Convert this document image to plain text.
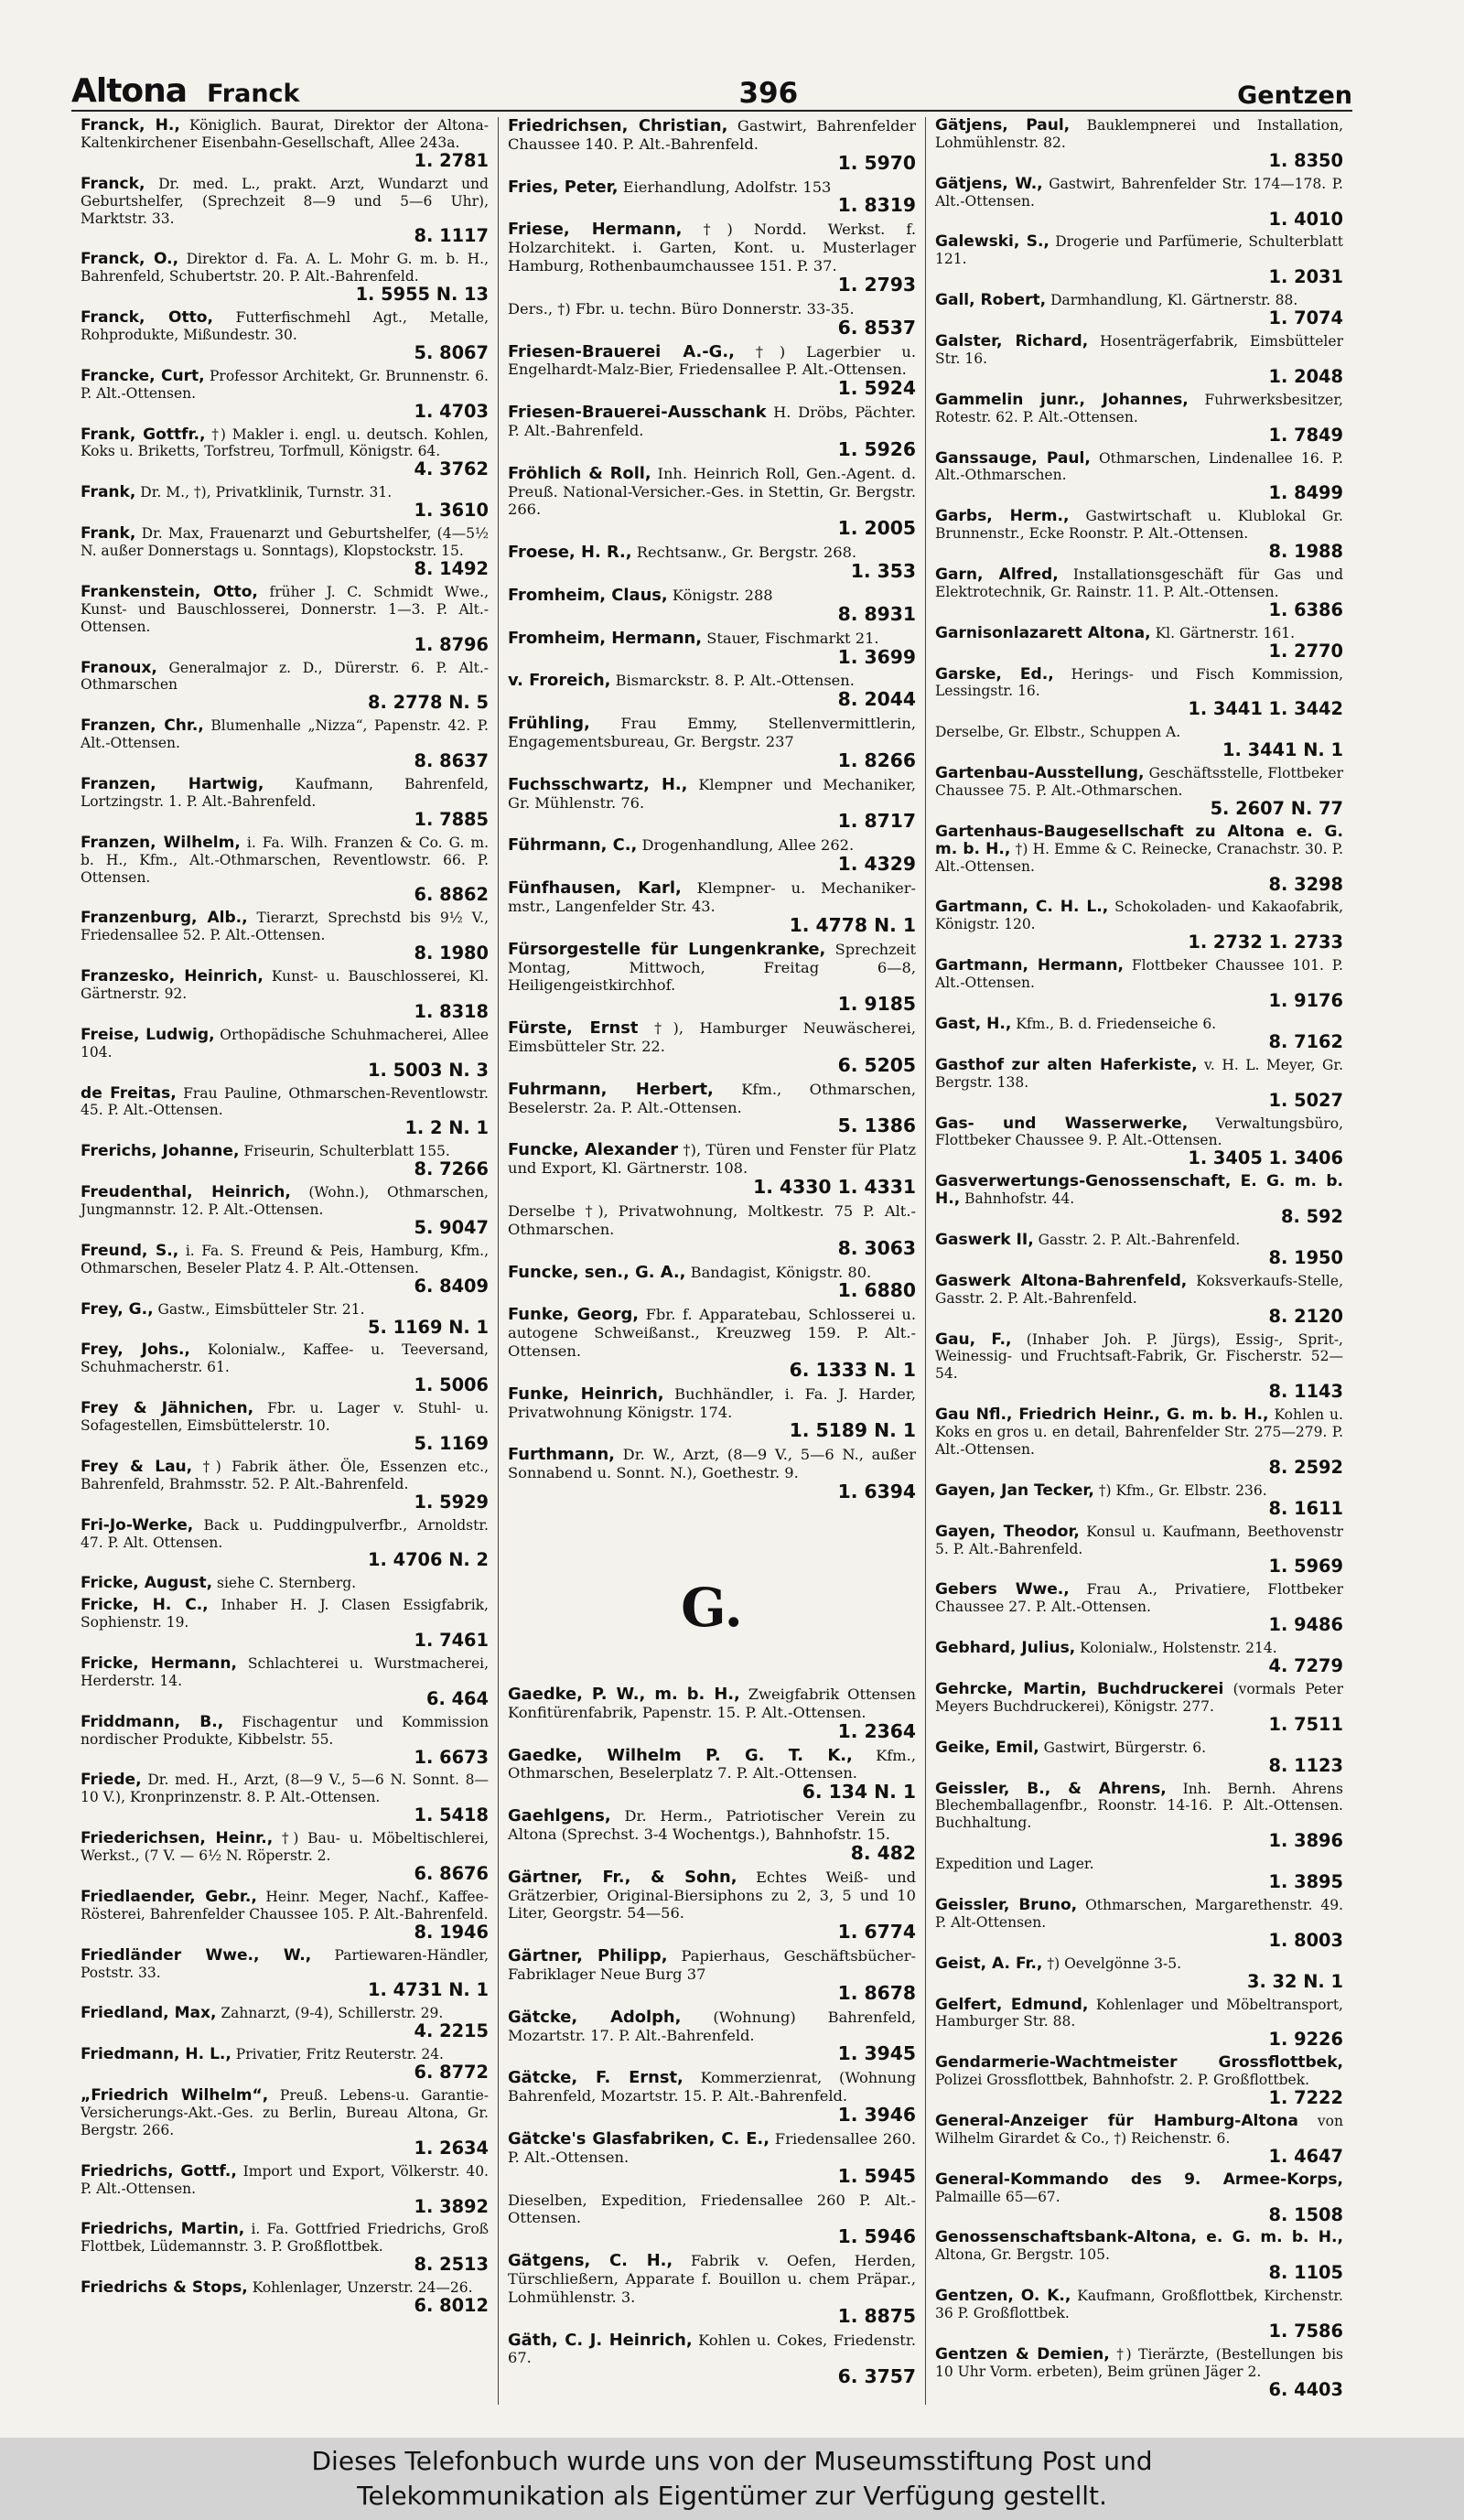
Altona Franck	396	Gentzen
Franck, H., Königlich. Baurat, Direktor der Altona-Kaltenkirchener Eisenbahn-Gesellschaft, Allee 243a.
1. 2781
Franck, Dr. med. L., prakt. Arzt, Wundarzt und Geburtshelfer, (Sprechzeit 8—9 und 5—6 Uhr), Marktstr. 33.
8. 1117
Franck, O., Direktor d. Fa. A. L. Mohr G. m. b. H., Bahrenfeld, Schubertstr. 20. P. Alt.-Bahrenfeld.
1. 5955 N. 13
Franck, Otto, Futterfischmehl Agt., Metalle, Rohprodukte, Mißundestr. 30.
5. 8067
Francke, Curt, Professor Architekt, Gr. Brunnenstr. 6. P. Alt.-Ottensen.
1. 4703
Frank, Gottfr., †) Makler i. engl. u. deutsch. Kohlen, Koks u. Briketts, Torfstreu, Torfmull, Königstr. 64.
4. 3762
Frank, Dr. M., †), Privatklinik, Turnstr. 31.
1. 3610
Frank, Dr. Max, Frauenarzt und Geburtshelfer, (4—5½ N. außer Donnerstags u. Sonntags), Klopstockstr. 15.
8. 1492
Frankenstein, Otto, früher J. C. Schmidt Wwe., Kunst- und Bauschlosserei, Donnerstr. 1—3. P. Alt.-Ottensen.
1. 8796
Franoux, Generalmajor z. D., Dürerstr. 6. P. Alt.-Othmarschen
8. 2778 N. 5
Franzen, Chr., Blumenhalle „Nizza“, Papenstr. 42. P. Alt.-Ottensen.
8. 8637
Franzen, Hartwig, Kaufmann, Bahrenfeld, Lortzingstr. 1. P. Alt.-Bahrenfeld.
1. 7885
Franzen, Wilhelm, i. Fa. Wilh. Franzen & Co. G. m. b. H., Kfm., Alt.-Othmarschen, Reventlowstr. 66. P. Ottensen.
6. 8862
Franzenburg, Alb., Tierarzt, Sprechstd bis 9½ V., Friedensallee 52. P. Alt.-Ottensen.
8. 1980
Franzesko, Heinrich, Kunst- u. Bauschlosserei, Kl. Gärtnerstr. 92.
1. 8318
Freise, Ludwig, Orthopädische Schuhmacherei, Allee 104.
1. 5003 N. 3
de Freitas, Frau Pauline, Othmarschen-Reventlowstr. 45. P. Alt.-Ottensen.
1. 2 N. 1
Frerichs, Johanne, Friseurin, Schulterblatt 155.
8. 7266
Freudenthal, Heinrich, (Wohn.), Othmarschen, Jungmannstr. 12. P. Alt.-Ottensen.
5. 9047
Freund, S., i. Fa. S. Freund & Peis, Hamburg, Kfm., Othmarschen, Beseler Platz 4. P. Alt.-Ottensen.
6. 8409
Frey, G., Gastw., Eimsbütteler Str. 21.
5. 1169 N. 1
Frey, Johs., Kolonialw., Kaffee- u. Teeversand, Schuhmacherstr. 61.
1. 5006
Frey & Jähnichen, Fbr. u. Lager v. Stuhl- u. Sofagestellen, Eimsbüttelerstr. 10.
5. 1169
Frey & Lau, †) Fabrik äther. Öle, Essenzen etc., Bahrenfeld, Brahmsstr. 52. P. Alt.-Bahrenfeld.
1. 5929
Fri-Jo-Werke, Back u. Puddingpulverfbr., Arnoldstr. 47. P. Alt. Ottensen.
1. 4706 N. 2
Fricke, August, siehe C. Sternberg.
Fricke, H. C., Inhaber H. J. Clasen Essigfabrik, Sophienstr. 19.
1. 7461
Fricke, Hermann, Schlachterei u. Wurstmacherei, Herderstr. 14.
6. 464
Friddmann, B., Fischagentur und Kommission nordischer Produkte, Kibbelstr. 55.
1. 6673
Friede, Dr. med. H., Arzt, (8—9 V., 5—6 N. Sonnt. 8—10 V.), Kronprinzenstr. 8. P. Alt.-Ottensen.
1. 5418
Friederichsen, Heinr., †) Bau- u. Möbeltischlerei, Werkst., (7 V. — 6½ N. Röperstr. 2.
6. 8676
Friedlaender, Gebr., Heinr. Meger, Nachf., Kaffee-Rösterei, Bahrenfelder Chaussee 105. P. Alt.-Bahrenfeld.
8. 1946
Friedländer Wwe., W., Partiewaren-Händler, Poststr. 33.
1. 4731 N. 1
Friedland, Max, Zahnarzt, (9-4), Schillerstr. 29.
4. 2215
Friedmann, H. L., Privatier, Fritz Reuterstr. 24.
6. 8772
„Friedrich Wilhelm“, Preuß. Lebens-u. Garantie-Versicherungs-Akt.-Ges. zu Berlin, Bureau Altona, Gr. Bergstr. 266.
1. 2634
Friedrichs, Gottf., Import und Export, Völkerstr. 40. P. Alt.-Ottensen.
1. 3892
Friedrichs, Martin, i. Fa. Gottfried Friedrichs, Groß Flottbek, Lüdemannstr. 3. P. Großflottbek.
8. 2513
Friedrichs & Stops, Kohlenlager, Unzerstr. 24—26.
6. 8012
Friedrichsen, Christian, Gastwirt, Bahrenfelder Chaussee 140. P. Alt.-Bahrenfeld.
1. 5970
Fries, Peter, Eierhandlung, Adolfstr. 153
1. 8319
Friese, Hermann, †) Nordd. Werkst. f. Holzarchitekt. i. Garten, Kont. u. Musterlager Hamburg, Rothenbaumchaussee 151. P. 37.
1. 2793
Ders., †) Fbr. u. techn. Büro Donnerstr. 33-35.
6. 8537
Friesen-Brauerei A.-G., †) Lagerbier u. Engelhardt-Malz-Bier, Friedensallee P. Alt.-Ottensen.
1. 5924
Friesen-Brauerei-Ausschank H. Dröbs, Pächter. P. Alt.-Bahrenfeld.
1. 5926
Fröhlich & Roll, Inh. Heinrich Roll, Gen.-Agent. d. Preuß. National-Versicher.-Ges. in Stettin, Gr. Bergstr. 266.
1. 2005
Froese, H. R., Rechtsanw., Gr. Bergstr. 268.
1. 353
Fromheim, Claus, Königstr. 288
8. 8931
Fromheim, Hermann, Stauer, Fischmarkt 21.
1. 3699
v. Froreich, Bismarckstr. 8. P. Alt.-Ottensen.
8. 2044
Frühling, Frau Emmy, Stellenvermittlerin, Engagementsbureau, Gr. Bergstr. 237
1. 8266
Fuchsschwartz, H., Klempner und Mechaniker, Gr. Mühlenstr. 76.
1. 8717
Führmann, C., Drogenhandlung, Allee 262.
1. 4329
Fünfhausen, Karl, Klempner- u. Mechaniker- mstr., Langenfelder Str. 43.
1. 4778 N. 1
Fürsorgestelle für Lungenkranke, Sprechzeit Montag, Mittwoch, Freitag 6—8, Heiligengeistkirchhof.
1. 9185
Fürste, Ernst †), Hamburger Neuwäscherei, Eimsbütteler Str. 22.
6. 5205
Fuhrmann, Herbert, Kfm., Othmarschen, Beselerstr. 2a. P. Alt.-Ottensen.
5. 1386
Funcke, Alexander †), Türen und Fenster für Platz und Export, Kl. Gärtnerstr. 108.
1. 4330 1. 4331
Derselbe †), Privatwohnung, Moltkestr. 75 P. Alt.-Othmarschen.
8. 3063
Funcke, sen., G. A., Bandagist, Königstr. 80.
1. 6880
Funke, Georg, Fbr. f. Apparatebau, Schlosserei u. autogene Schweißanst., Kreuzweg 159. P. Alt.-Ottensen.
6. 1333 N. 1
Funke, Heinrich, Buchhändler, i. Fa. J. Harder, Privatwohnung Königstr. 174.
1. 5189 N. 1
Furthmann, Dr. W., Arzt, (8—9 V., 5—6 N., außer Sonnabend u. Sonnt. N.), Goethestr. 9.
1. 6394
G.
Gaedke, P. W., m. b. H., Zweigfabrik Ottensen Konfitürenfabrik, Papenstr. 15. P. Alt.-Ottensen.
1. 2364
Gaedke, Wilhelm P. G. T. K., Kfm., Othmarschen, Beselerplatz 7. P. Alt.-Ottensen.
6. 134 N. 1
Gaehlgens, Dr. Herm., Patriotischer Verein zu Altona (Sprechst. 3-4 Wochentgs.), Bahnhofstr. 15.
8. 482
Gärtner, Fr., & Sohn, Echtes Weiß- und Grätzerbier, Original-Biersiphons zu 2, 3, 5 und 10 Liter, Georgstr. 54—56.
1. 6774
Gärtner, Philipp, Papierhaus, Geschäftsbücher-Fabriklager Neue Burg 37
1. 8678
Gätcke, Adolph, (Wohnung) Bahrenfeld, Mozartstr. 17. P. Alt.-Bahrenfeld.
1. 3945
Gätcke, F. Ernst, Kommerzienrat, (Wohnung Bahrenfeld, Mozartstr. 15. P. Alt.-Bahrenfeld.
1. 3946
Gätcke's Glasfabriken, C. E., Friedensallee 260. P. Alt.-Ottensen.
1. 5945
Dieselben, Expedition, Friedensallee 260 P. Alt.-Ottensen.
1. 5946
Gätgens, C. H., Fabrik v. Oefen, Herden, Türschließern, Apparate f. Bouillon u. chem Präpar., Lohmühlenstr. 3.
1. 8875
Gäth, C. J. Heinrich, Kohlen u. Cokes, Friedenstr. 67.
6. 3757
Gätjens, Paul, Bauklempnerei und Installation, Lohmühlenstr. 82.
1. 8350
Gätjens, W., Gastwirt, Bahrenfelder Str. 174—178. P. Alt.-Ottensen.
1. 4010
Galewski, S., Drogerie und Parfümerie, Schulterblatt 121.
1. 2031
Gall, Robert, Darmhandlung, Kl. Gärtnerstr. 88.
1. 7074
Galster, Richard, Hosenträgerfabrik, Eimsbütteler Str. 16.
1. 2048
Gammelin junr., Johannes, Fuhrwerksbesitzer, Rotestr. 62. P. Alt.-Ottensen.
1. 7849
Ganssauge, Paul, Othmarschen, Lindenallee 16. P. Alt.-Othmarschen.
1. 8499
Garbs, Herm., Gastwirtschaft u. Klublokal Gr. Brunnenstr., Ecke Roonstr. P. Alt.-Ottensen.
8. 1988
Garn, Alfred, Installationsgeschäft für Gas und Elektrotechnik, Gr. Rainstr. 11. P. Alt.-Ottensen.
1. 6386
Garnisonlazarett Altona, Kl. Gärtnerstr. 161.
1. 2770
Garske, Ed., Herings- und Fisch Kommission, Lessingstr. 16.
1. 3441 1. 3442
Derselbe, Gr. Elbstr., Schuppen A.
1. 3441 N. 1
Gartenbau-Ausstellung, Geschäftsstelle, Flottbeker Chaussee 75. P. Alt.-Othmarschen.
5. 2607 N. 77
Gartenhaus-Baugesellschaft zu Altona e. G. m. b. H., †) H. Emme & C. Reinecke, Cranachstr. 30. P. Alt.-Ottensen.
8. 3298
Gartmann, C. H. L., Schokoladen- und Kakaofabrik, Königstr. 120.
1. 2732 1. 2733
Gartmann, Hermann, Flottbeker Chaussee 101. P. Alt.-Ottensen.
1. 9176
Gast, H., Kfm., B. d. Friedenseiche 6.
8. 7162
Gasthof zur alten Haferkiste, v. H. L. Meyer, Gr. Bergstr. 138.
1. 5027
Gas- und Wasserwerke, Verwaltungsbüro, Flottbeker Chaussee 9. P. Alt.-Ottensen.
1. 3405 1. 3406
Gasverwertungs-Genossenschaft, E. G. m. b. H., Bahnhofstr. 44.
8. 592
Gaswerk II, Gasstr. 2. P. Alt.-Bahrenfeld.
8. 1950
Gaswerk Altona-Bahrenfeld, Koksverkaufs-Stelle, Gasstr. 2. P. Alt.-Bahrenfeld.
8. 2120
Gau, F., (Inhaber Joh. P. Jürgs), Essig-, Sprit-, Weinessig- und Fruchtsaft-Fabrik, Gr. Fischerstr. 52—54.
8. 1143
Gau Nfl., Friedrich Heinr., G. m. b. H., Kohlen u. Koks en gros u. en detail, Bahrenfelder Str. 275—279. P. Alt.-Ottensen.
8. 2592
Gayen, Jan Tecker, †) Kfm., Gr. Elbstr. 236.
8. 1611
Gayen, Theodor, Konsul u. Kaufmann, Beethovenstr 5. P. Alt.-Bahrenfeld.
1. 5969
Gebers Wwe., Frau A., Privatiere, Flottbeker Chaussee 27. P. Alt.-Ottensen.
1. 9486
Gebhard, Julius, Kolonialw., Holstenstr. 214.
4. 7279
Gehrcke, Martin, Buchdruckerei (vormals Peter Meyers Buchdruckerei), Königstr. 277.
1. 7511
Geike, Emil, Gastwirt, Bürgerstr. 6.
8. 1123
Geissler, B., & Ahrens, Inh. Bernh. Ahrens Blechemballagenfbr., Roonstr. 14-16. P. Alt.-Ottensen. Buchhaltung.
1. 3896
Expedition und Lager.
1. 3895
Geissler, Bruno, Othmarschen, Margarethenstr. 49. P. Alt-Ottensen.
1. 8003
Geist, A. Fr., †) Oevelgönne 3-5.
3. 32 N. 1
Gelfert, Edmund, Kohlenlager und Möbeltransport, Hamburger Str. 88.
1. 9226
Gendarmerie-Wachtmeister Grossflottbek, Polizei Grossflottbek, Bahnhofstr. 2. P. Großflottbek.
1. 7222
General-Anzeiger für Hamburg-Altona von Wilhelm Girardet & Co., †) Reichenstr. 6.
1. 4647
General-Kommando des 9. Armee-Korps, Palmaille 65—67.
8. 1508
Genossenschaftsbank-Altona, e. G. m. b. H., Altona, Gr. Bergstr. 105.
8. 1105
Gentzen, O. K., Kaufmann, Großflottbek, Kirchenstr. 36 P. Großflottbek.
1. 7586
Gentzen & Demien, †) Tierärzte, (Bestellungen bis 10 Uhr Vorm. erbeten), Beim grünen Jäger 2.
6. 4403
Dieses Telefonbuch wurde uns von der Museumsstiftung Post und
Telekommunikation als Eigentümer zur Verfügung gestellt.
